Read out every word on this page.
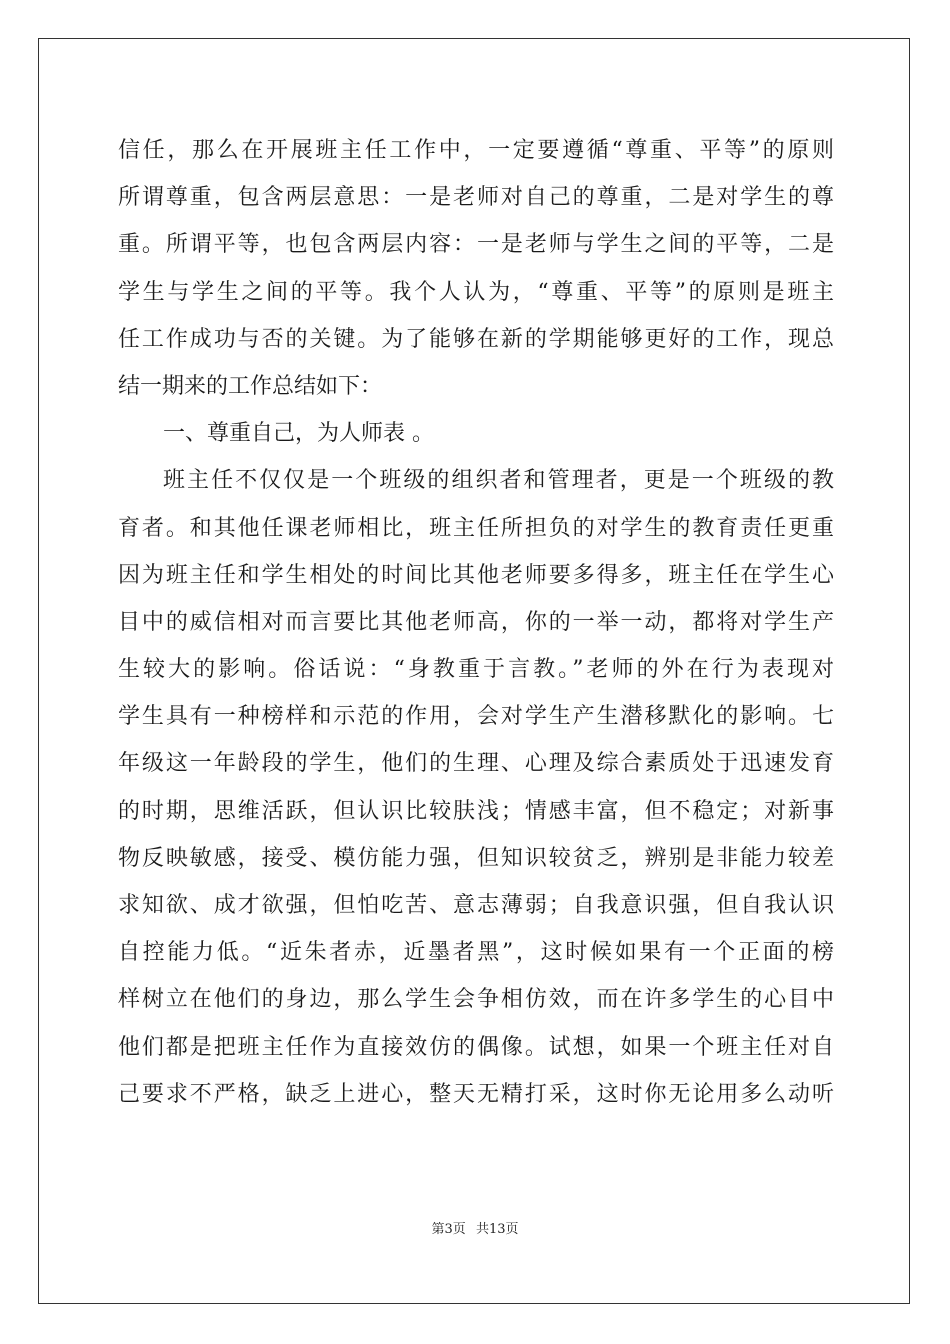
信任，那么在开展班主任工作中，一定要遵循“尊重、平等”的原则
所谓尊重，包含两层意思：一是老师对自己的尊重，二是对学生的尊
重。所谓平等，也包含两层内容：一是老师与学生之间的平等，二是
学生与学生之间的平等。我个人认为，“尊重、平等”的原则是班主
任工作成功与否的关键。为了能够在新的学期能够更好的工作，现总
结一期来的工作总结如下：
一、尊重自己，为人师表 。
班主任不仅仅是一个班级的组织者和管理者，更是一个班级的教
育者。和其他任课老师相比，班主任所担负的对学生的教育责任更重
因为班主任和学生相处的时间比其他老师要多得多，班主任在学生心
目中的威信相对而言要比其他老师高，你的一举一动，都将对学生产
生较大的影响。俗话说：“身教重于言教。”老师的外在行为表现对
学生具有一种榜样和示范的作用，会对学生产生潜移默化的影响。七
年级这一年龄段的学生，他们的生理、心理及综合素质处于迅速发育
的时期，思维活跃，但认识比较肤浅；情感丰富，但不稳定；对新事
物反映敏感，接受、模仿能力强，但知识较贫乏，辨别是非能力较差
求知欲、成才欲强，但怕吃苦、意志薄弱；自我意识强，但自我认识
自控能力低。“近朱者赤，近墨者黑”，这时候如果有一个正面的榜
样树立在他们的身边，那么学生会争相仿效，而在许多学生的心目中
他们都是把班主任作为直接效仿的偶像。试想，如果一个班主任对自
己要求不严格，缺乏上进心，整天无精打采，这时你无论用多么动听
第3页 共13页
